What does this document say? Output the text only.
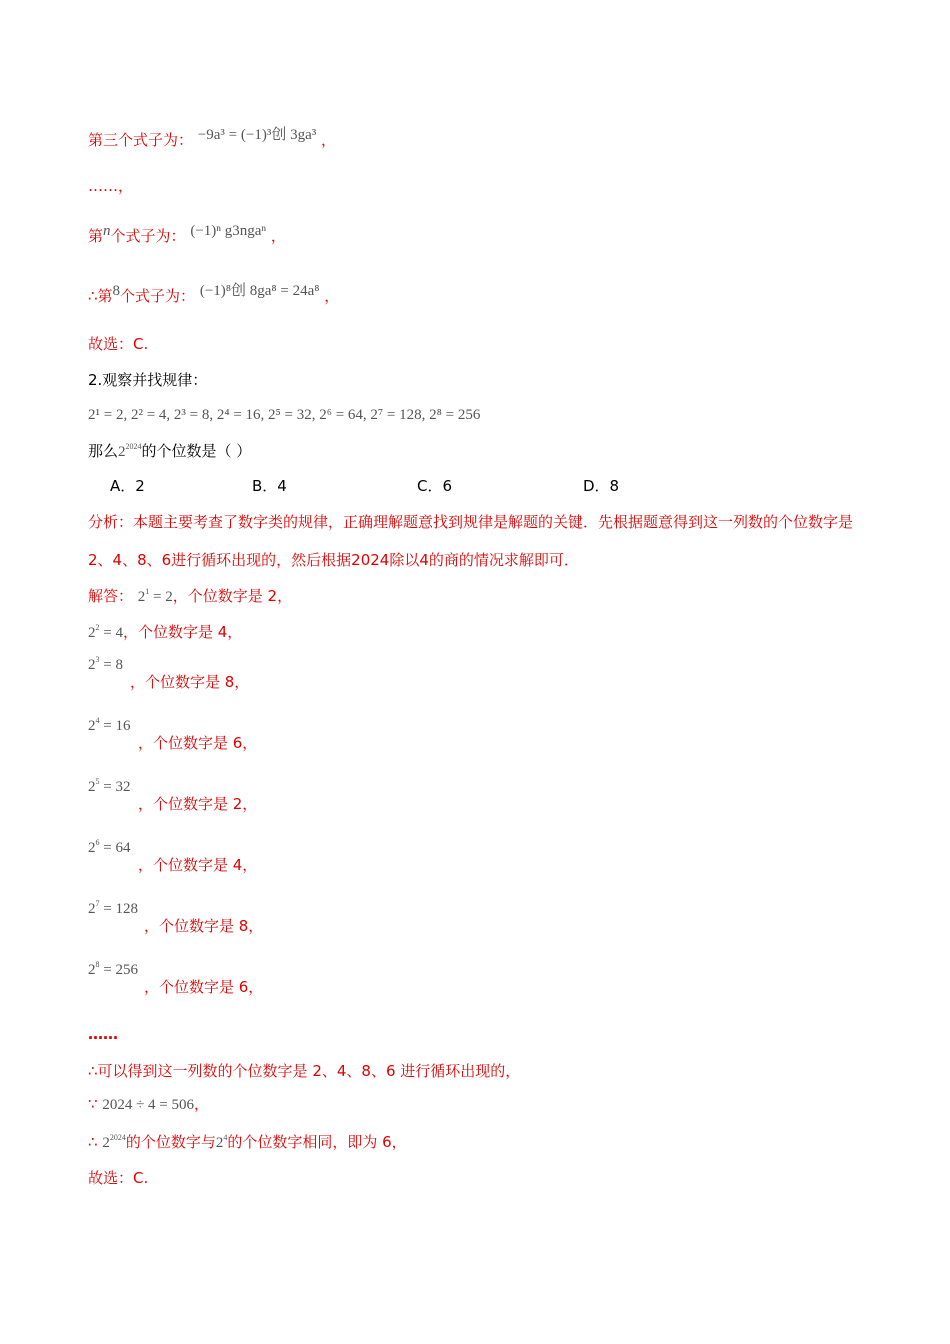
第三个式子为： −9a³ = (−1)³创 3ga³ ，
……，
第n个式子为： (−1)ⁿ g3ngaⁿ ，
∴第8个式子为： (−1)⁸创 8ga⁸ = 24a⁸ ，
故选：C.
2.观察并找规律：
2¹ = 2, 2² = 4, 2³ = 8, 2⁴ = 16, 2⁵ = 32, 2⁶ = 64, 2⁷ = 128, 2⁸ = 256
那么$2^{2024}$的个位数是（ ）
A．2	B．4	C．6	D．8
分析：本题主要考查了数字类的规律，正确理解题意找到规律是解题的关键．先根据题意得到这一列数的个位数字是2、4、8、6进行循环出现的，然后根据2024除以4的商的情况求解即可．
解答： $2^1 = 2$，个位数字是 2，
$2^2 = 4$，个位数字是 4，
$2^3 = 8$
，个位数字是 8，
$2^4 = 16$
，个位数字是 6，
$2^5 = 32$
，个位数字是 2，
$2^6 = 64$
，个位数字是 4，
$2^7 = 128$
，个位数字是 8，
$2^8 = 256$
，个位数字是 6，
……
∴可以得到这一列数的个位数字是 2、4、8、6 进行循环出现的，
∵ 2024 ÷ 4 = 506，
∴ $2^{2024}$的个位数字与$2^4$的个位数字相同，即为 6，
故选：C.
